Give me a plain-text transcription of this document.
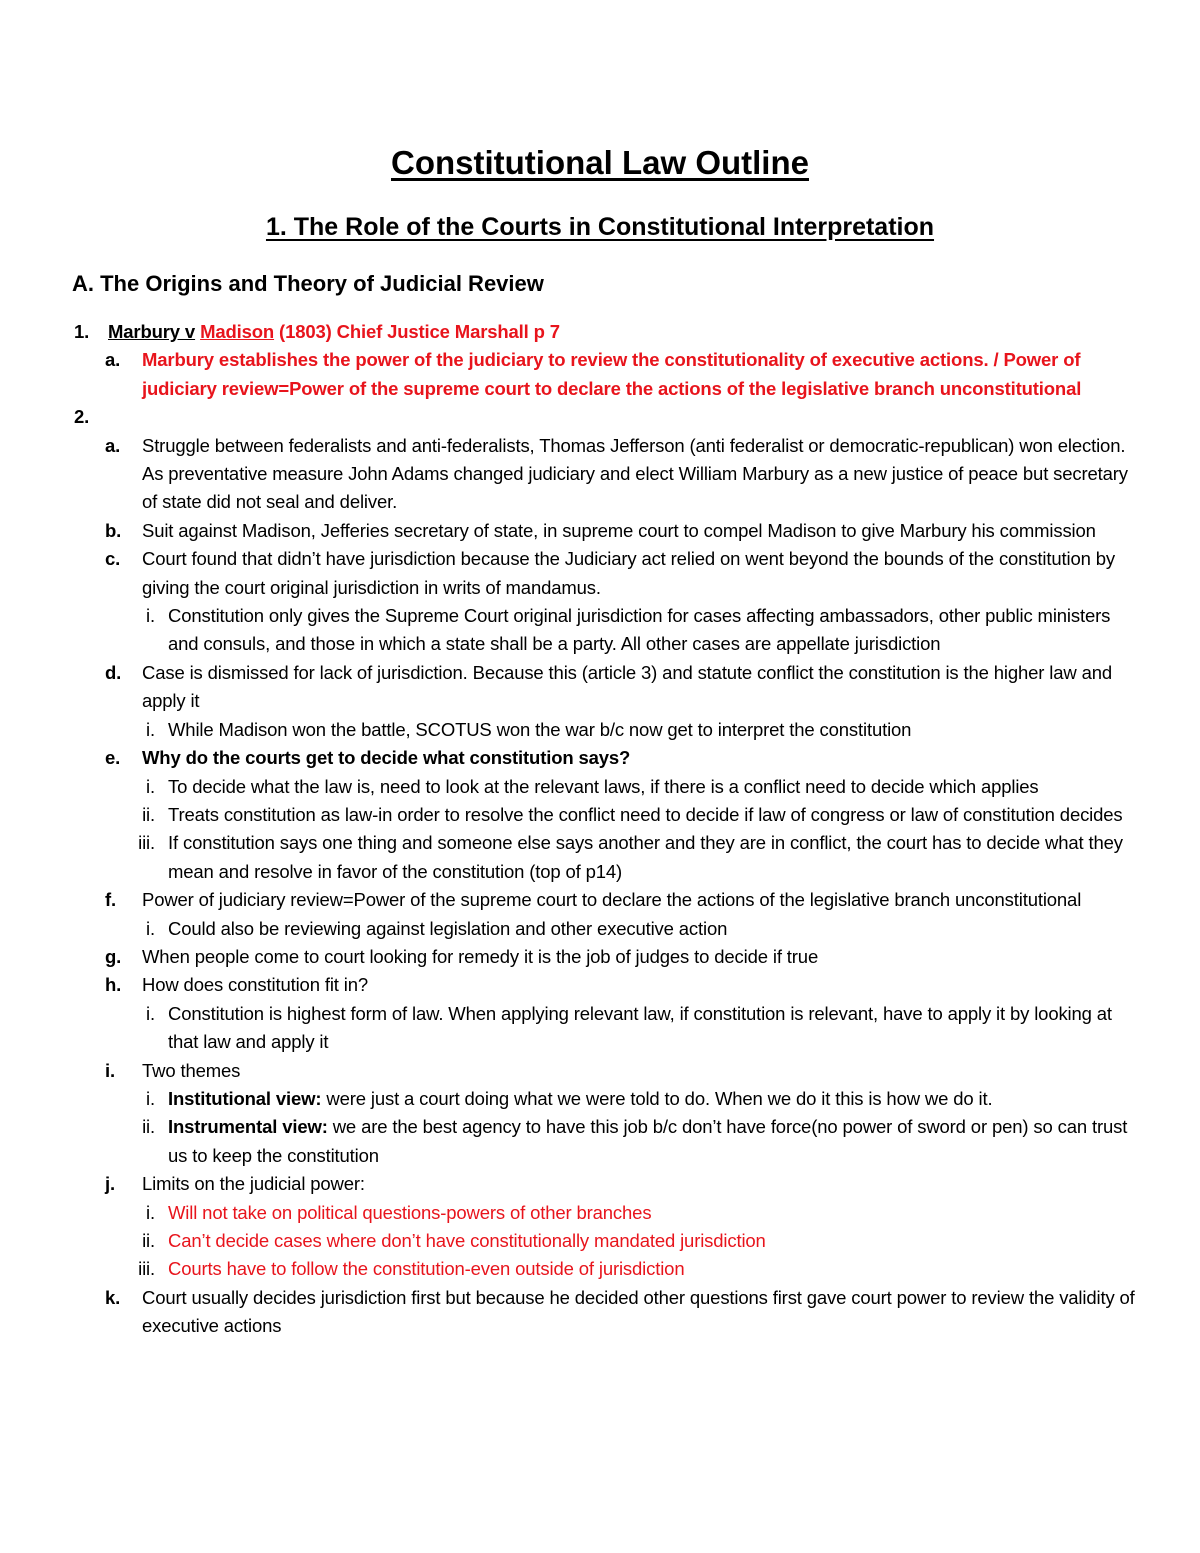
Constitutional Law Outline
1. The Role of the Courts in Constitutional Interpretation
A. The Origins and Theory of Judicial Review
1.	Marbury v Madison (1803) Chief Justice Marshall p 7
a. Marbury establishes the power of the judiciary to review the constitutionality of executive actions. / Power of judiciary review=Power of the supreme court to declare the actions of the legislative branch unconstitutional
2.

a. Struggle between federalists and anti-federalists, Thomas Jefferson (anti federalist or democratic-republican) won election. As preventative measure John Adams changed judiciary and elect William Marbury as a new justice of peace but secretary of state did not seal and deliver.
b. Suit against Madison, Jefferies secretary of state, in supreme court to compel Madison to give Marbury his commission
c. Court found that didn’t have jurisdiction because the Judiciary act relied on went beyond the bounds of the constitution by giving the court original jurisdiction in writs of mandamus.
i. Constitution only gives the Supreme Court original jurisdiction for cases affecting ambassadors, other public ministers and consuls, and those in which a state shall be a party. All other cases are appellate jurisdiction
d. Case is dismissed for lack of jurisdiction. Because this (article 3) and statute conflict the constitution is the higher law and apply it
i. While Madison won the battle, SCOTUS won the war b/c now get to interpret the constitution
e. Why do the courts get to decide what constitution says?
i. To decide what the law is, need to look at the relevant laws, if there is a conflict need to decide which applies
ii. Treats constitution as law-in order to resolve the conflict need to decide if law of congress or law of constitution decides
iii. If constitution says one thing and someone else says another and they are in conflict, the court has to decide what they mean and resolve in favor of the constitution (top of p14)
f.	Power of judiciary review=Power of the supreme court to declare the actions of the legislative branch unconstitutional
i. Could also be reviewing against legislation and other executive action
g. When people come to court looking for remedy it is the job of judges to decide if true
h. How does constitution fit in?
i. Constitution is highest form of law. When applying relevant law, if constitution is relevant, have to apply it by looking at that law and apply it
i.	Two themes
i. Institutional view: were just a court doing what we were told to do. When we do it this is how we do it.
ii. Instrumental view: we are the best agency to have this job b/c don’t have force(no power of sword or pen) so can trust us to keep the constitution
j.	Limits on the judicial power:
i. Will not take on political questions-powers of other branches
ii. Can’t decide cases where don’t have constitutionally mandated jurisdiction
iii. Courts have to follow the constitution-even outside of jurisdiction
k. Court usually decides jurisdiction first but because he decided other questions first gave court power to review the validity of executive actions
